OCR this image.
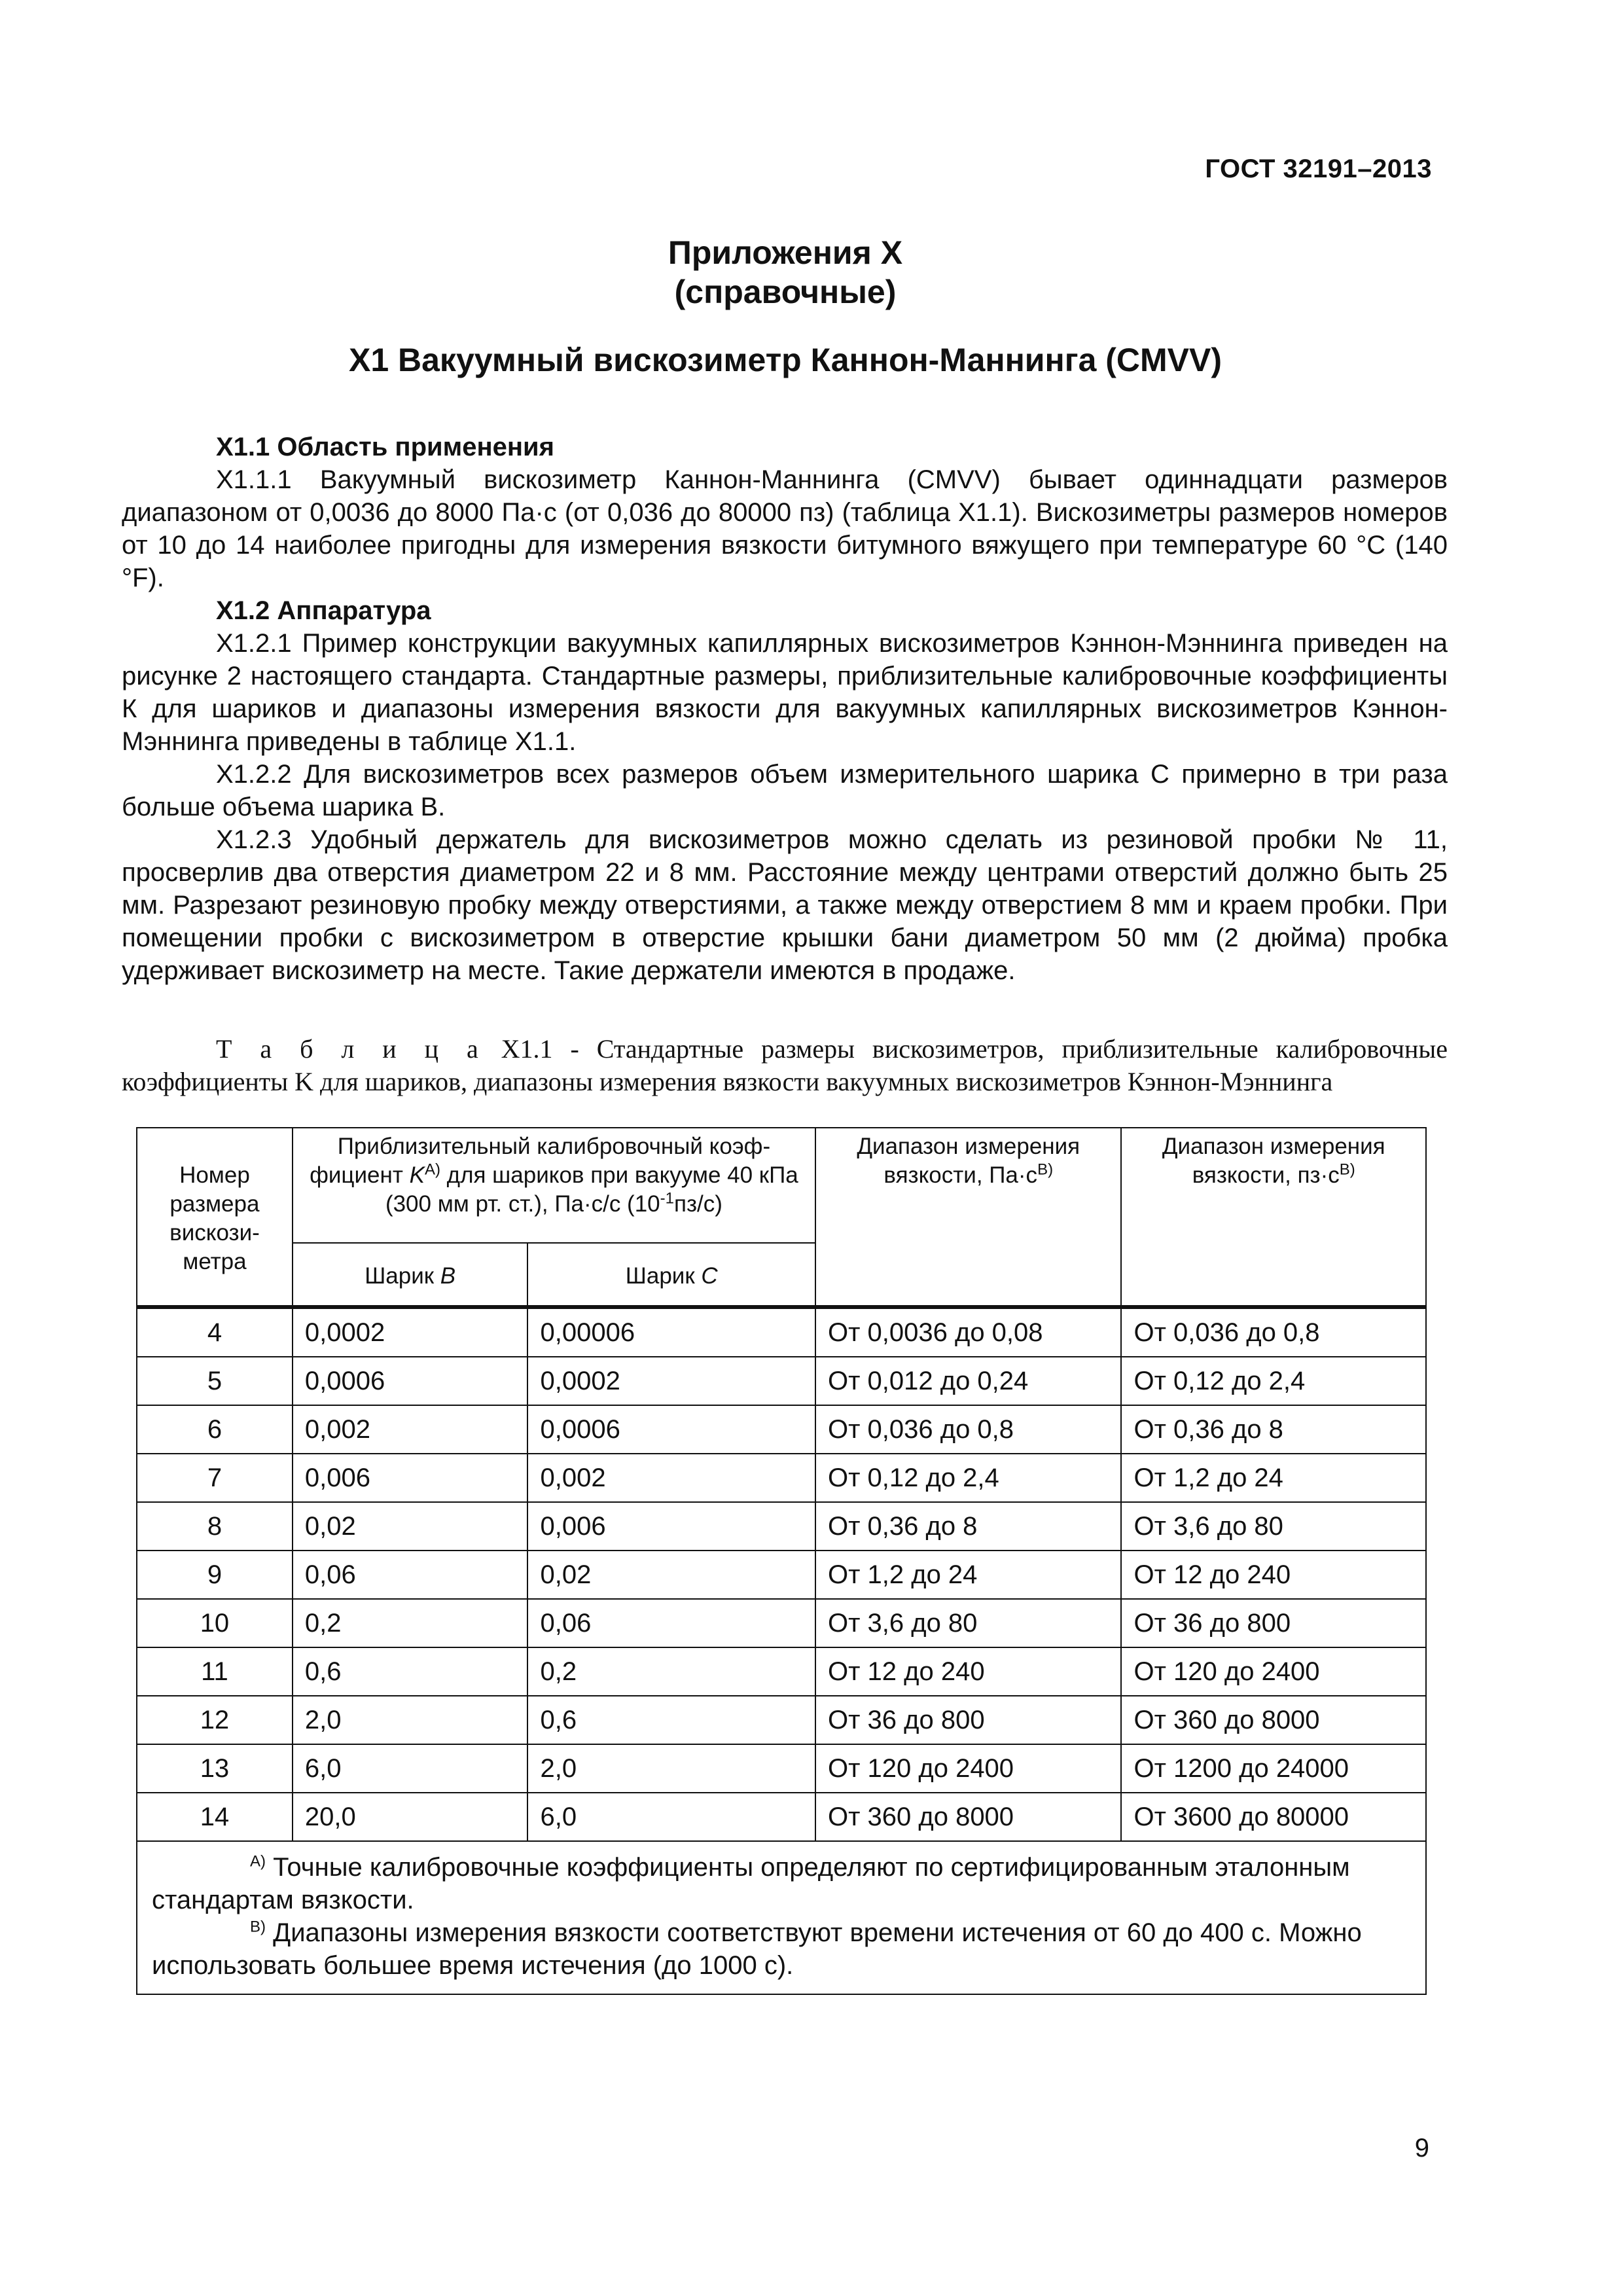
ГОСТ 32191–2013
Приложения X
(справочные)
X1 Вакуумный вискозиметр Каннон-Маннинга (CMVV)

X1.1 Область применения

X1.1.1 Вакуумный вискозиметр Каннон-Маннинга (CMVV) бывает одиннадцати размеров диапазоном от 0,0036 до 8000 Па·с (от 0,036 до 80000 пз) (таблица X1.1). Вискозиметры размеров номеров от 10 до 14 наиболее пригодны для измерения вязкости битумного вяжущего при температуре 60 °С (140 °F).

X1.2 Аппаратура

X1.2.1 Пример конструкции вакуумных капиллярных вискозиметров Кэннон-Мэннинга приведен на рисунке 2 настоящего стандарта. Стандартные размеры, приблизительные калибровочные коэффициенты К для шариков и диапазоны измерения вязкости для вакуумных капиллярных вискозиметров Кэннон-Мэннинга приведены в таблице X1.1.

X1.2.2 Для вискозиметров всех размеров объем измерительного шарика С примерно в три раза больше объема шарика В.

X1.2.3 Удобный держатель для вискозиметров можно сделать из резиновой пробки № 11, просверлив два отверстия диаметром 22 и 8 мм. Расстояние между центрами отверстий должно быть 25 мм. Разрезают резиновую пробку между отверстиями, а также между отверстием 8 мм и краем пробки. При помещении пробки с вискозиметром в отверстие крышки бани диаметром 50 мм (2 дюйма) пробка удерживает вискозиметр на месте. Такие держатели имеются в продаже.

Т а б л и ц а X1.1 - Стандартные размеры вискозиметров, приблизительные калибровочные коэффициенты K для шариков, диапазоны измерения вязкости вакуумных вискозиметров Кэннон-Мэннинга
Номер размера вискози-метра	Приблизительный калибровочный коэф-фициент $K^{А)}$ для шариков при вакууме 40 кПа (300 мм рт. ст.), Па·с/с $(10^{-1}пз/с)$		Диапазон измерения вязкости, $Па\cdot с^{B)}$	Диапазон измерения вязкости, $пз\cdot с^{B)}$
	Шарик B	Шарик C		
4	0,0002	0,00006	От 0,0036 до 0,08	От 0,036 до 0,8
5	0,0006	0,0002	От 0,012 до 0,24	От 0,12 до 2,4
6	0,002	0,0006	От 0,036 до 0,8	От 0,36 до 8
7	0,006	0,002	От 0,12 до 2,4	От 1,2 до 24
8	0,02	0,006	От 0,36 до 8	От 3,6 до 80
9	0,06	0,02	От 1,2 до 24	От 12 до 240
10	0,2	0,06	От 3,6 до 80	От 36 до 800
11	0,6	0,2	От 12 до 240	От 120 до 2400
12	2,0	0,6	От 36 до 800	От 360 до 8000
13	6,0	2,0	От 120 до 2400	От 1200 до 24000
14	20,0	6,0	От 360 до 8000	От 3600 до 80000

$^{А)}$ Точные калибровочные коэффициенты определяют по сертифицированным эталонным стандартам вязкости.

$^{В)}$ Диапазоны измерения вязкости соответствуют времени истечения от 60 до 400 с. Можно использовать большее время истечения (до 1000 с).				

9
